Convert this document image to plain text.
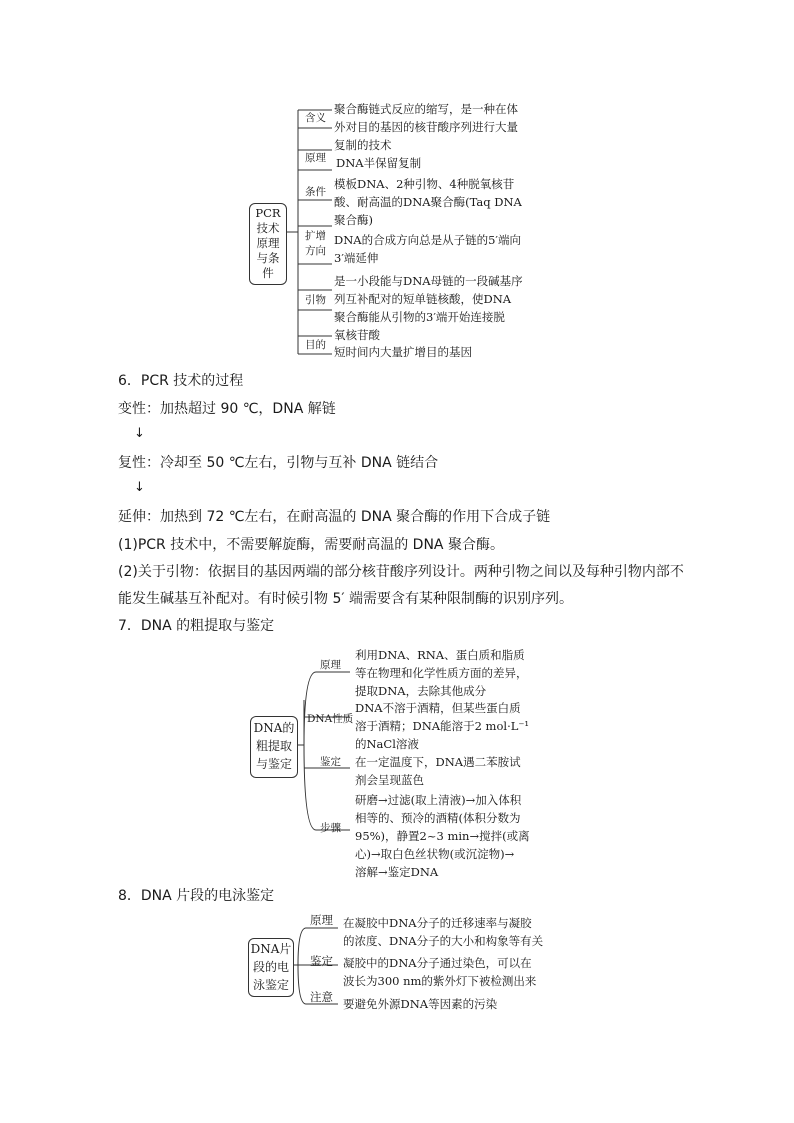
PCR
技术
原理
与条
件
含义
聚合酶链式反应的缩写，是一种在体
外对目的基因的核苷酸序列进行大量
复制的技术
原理 DNA半保留复制
条件
模板DNA、2种引物、4种脱氧核苷
酸、耐高温的DNA聚合酶(Taq DNA
聚合酶)
扩增
方向
DNA的合成方向总是从子链的5′端向
3′端延伸
引物
是一小段能与DNA母链的一段碱基序
列互补配对的短单链核酸，使DNA
聚合酶能从引物的3′端开始连接脱
氧核苷酸
目的 短时间内大量扩增目的基因
6．PCR 技术的过程
变性：加热超过 90 ℃，DNA 解链
↓
复性：冷却至 50 ℃左右，引物与互补 DNA 链结合
↓
延伸：加热到 72 ℃左右，在耐高温的 DNA 聚合酶的作用下合成子链
(1)PCR 技术中，不需要解旋酶，需要耐高温的 DNA 聚合酶。
(2)关于引物：依据目的基因两端的部分核苷酸序列设计。两种引物之间以及每种引物内部不
能发生碱基互补配对。有时候引物 5′ 端需要含有某种限制酶的识别序列。
7．DNA 的粗提取与鉴定
DNA的
粗提取
与鉴定
原理
利用DNA、RNA、蛋白质和脂质
等在物理和化学性质方面的差异，
提取DNA，去除其他成分
DNA性质
DNA不溶于酒精，但某些蛋白质
溶于酒精；DNA能溶于2 mol·L⁻¹
的NaCl溶液
鉴定 在一定温度下，DNA遇二苯胺试
剂会呈现蓝色
步骤
研磨→过滤(取上清液)→加入体积
相等的、预冷的酒精(体积分数为
95%)，静置2~3 min→搅拌(或离
心)→取白色丝状物(或沉淀物)→
溶解→鉴定DNA
8．DNA 片段的电泳鉴定
DNA片
段的电
泳鉴定
原理 在凝胶中DNA分子的迁移速率与凝胶
的浓度、DNA分子的大小和构象等有关
鉴定 凝胶中的DNA分子通过染色，可以在
波长为300 nm的紫外灯下被检测出来
注意 要避免外源DNA等因素的污染
